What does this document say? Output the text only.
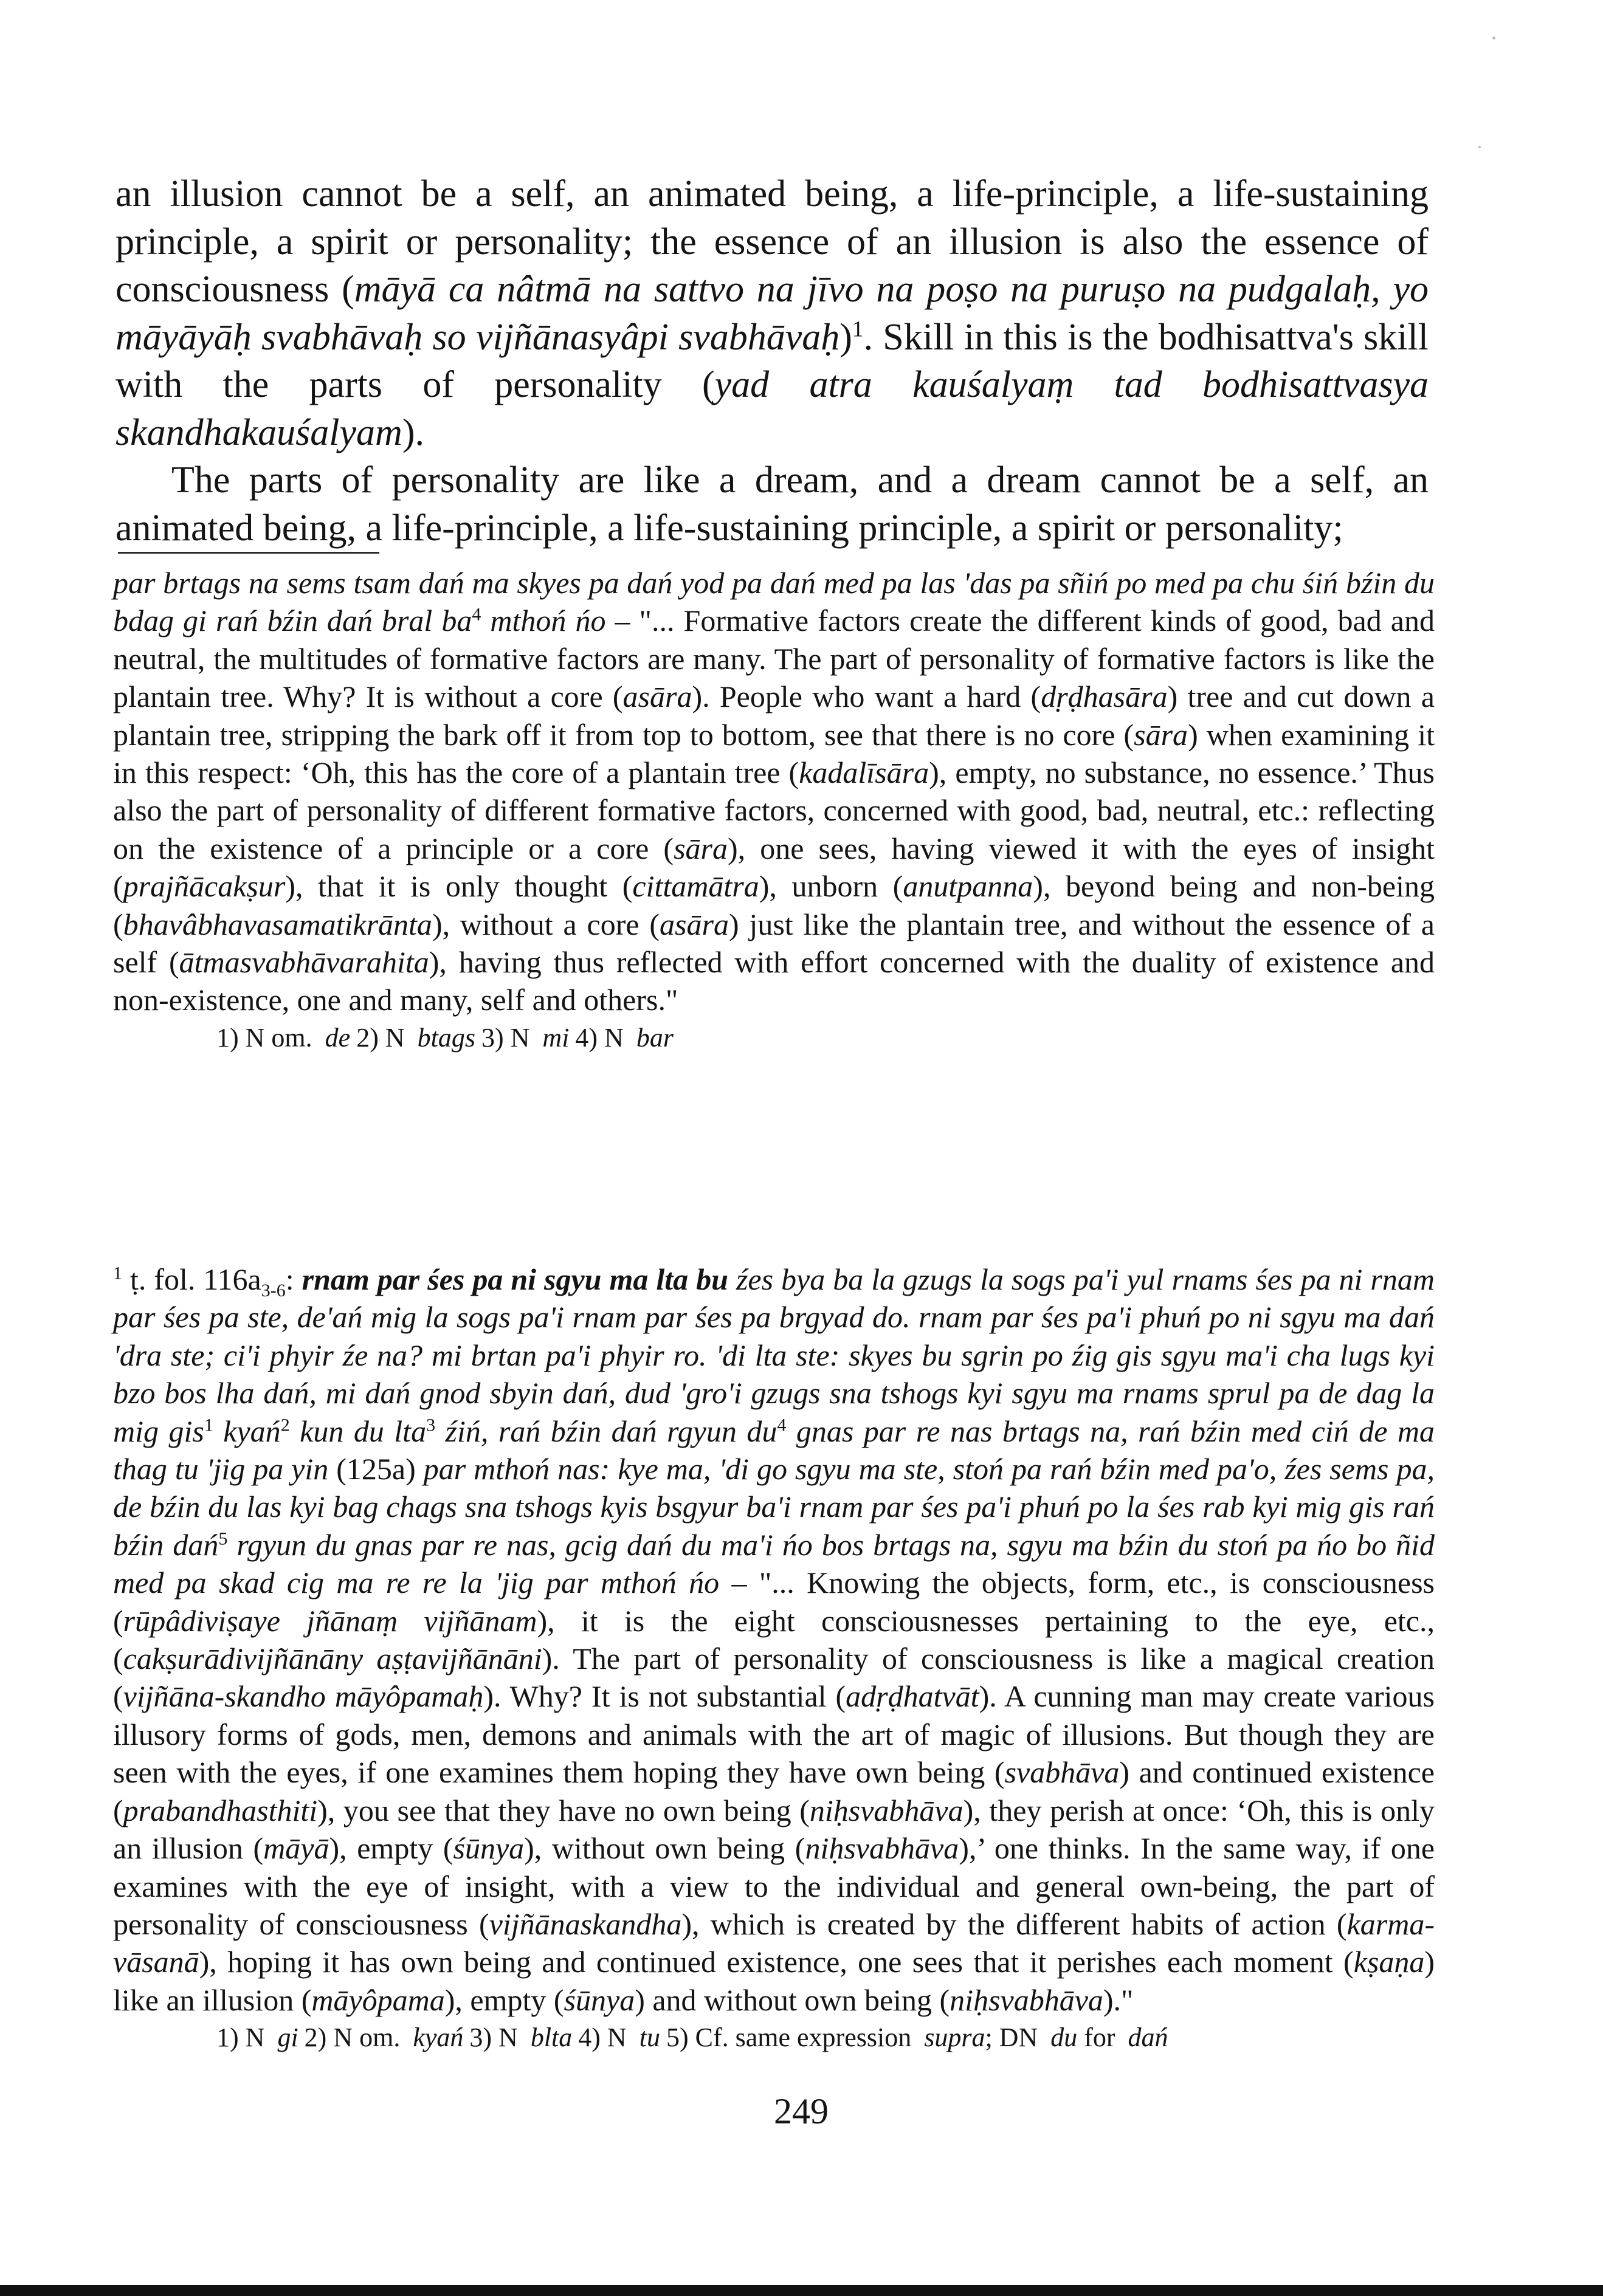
an illusion cannot be a self, an animated being, a life-principle, a life-sustaining principle, a spirit or personality; the essence of an illusion is also the essence of consciousness (māyā ca nâtmā na sattvo na jīvo na poṣo na puruṣo na pudgalaḥ, yo māyāyāḥ svabhāvaḥ so vijñānasyâpi svabhāvaḥ)$^1$. Skill in this is the bodhisattva's skill with the parts of personality (yad atra kauśalyaṃ tad bodhisattvasya skandhakauśalyam).

The parts of personality are like a dream, and a dream cannot be a self, an animated being, a life-principle, a life-sustaining principle, a spirit or personality;

par brtags na sems tsam dań ma skyes pa dań yod pa dań med pa las 'das pa sñiń po med pa chu śiń bźin du bdag gi rań bźin dań bral $ba^4$ mthoń ńo – "... Formative factors create the different kinds of good, bad and neutral, the multitudes of formative factors are many. The part of personality of formative factors is like the plantain tree. Why? It is without a core (asāra). People who want a hard (dṛḍhasāra) tree and cut down a plantain tree, stripping the bark off it from top to bottom, see that there is no core (sāra) when examining it in this respect: ‘Oh, this has the core of a plantain tree (kadalīsāra), empty, no substance, no essence.’ Thus also the part of personality of different formative factors, concerned with good, bad, neutral, etc.: reflecting on the existence of a principle or a core (sāra), one sees, having viewed it with the eyes of insight (prajñācakṣur), that it is only thought (cittamātra), unborn (anutpanna), beyond being and non-being (bhavâbhavasamatikrānta), without a core (asāra) just like the plantain tree, and without the essence of a self (ātmasvabhāvarahita), having thus reflected with effort concerned with the duality of existence and non-existence, one and many, self and others."

1) N om. de 2) N btags 3) N mi 4) N bar

$^1$ ṭ. fol. $116a_{3-6}$: rnam par śes pa ni sgyu ma lta bu źes bya ba la gzugs la sogs pa'i yul rnams śes pa ni rnam par śes pa ste, de'ań mig la sogs pa'i rnam par śes pa brgyad do. rnam par śes pa'i phuń po ni sgyu ma dań 'dra ste; ci'i phyir źe na? mi brtan pa'i phyir ro. 'di lta ste: skyes bu sgrin po źig gis sgyu ma'i cha lugs kyi bzo bos lha dań, mi dań gnod sbyin dań, dud 'gro'i gzugs sna tshogs kyi sgyu ma rnams sprul pa de dag la mig gis$^1$ kyań$^2$ kun du lta$^3$ źiń, rań bźin dań rgyun $du^4$ gnas par re nas brtags na, rań bźin med ciń de ma thag tu 'jig pa yin (125a) par mthoń nas: kye ma, 'di go sgyu ma ste, stoń pa rań bźin med pa'o, źes sems pa, de bźin du las kyi bag chags sna tshogs kyis bsgyur ba'i rnam par śes pa'i phuń po la śes rab kyi mig gis rań bźin dań$^5$ rgyun du gnas par re nas, gcig dań du ma'i ńo bos brtags na, sgyu ma bźin du stoń pa ńo bo ñid med pa skad cig ma re re la 'jig par mthoń ńo – "... Knowing the objects, form, etc., is consciousness (rūpâdiviṣaye jñānaṃ vijñānam), it is the eight consciousnesses pertaining to the eye, etc., (cakṣurādivijñānāny aṣṭavijñānāni). The part of personality of consciousness is like a magical creation (vijñāna-skandho māyôpamaḥ). Why? It is not substantial (adṛḍhatvāt). A cunning man may create various illusory forms of gods, men, demons and animals with the art of magic of illusions. But though they are seen with the eyes, if one examines them hoping they have own being (svabhāva) and continued existence (prabandhasthiti), you see that they have no own being (niḥsvabhāva), they perish at once: ‘Oh, this is only an illusion (māyā), empty (śūnya), without own being (niḥsvabhāva),’ one thinks. In the same way, if one examines with the eye of insight, with a view to the individual and general own-being, the part of personality of consciousness (vijñānaskandha), which is created by the different habits of action (karma-vāsanā), hoping it has own being and continued existence, one sees that it perishes each moment (kṣaṇa) like an illusion (māyôpama), empty (śūnya) and without own being (niḥsvabhāva)."

1) N gi 2) N om. kyań 3) N blta 4) N tu 5) Cf. same expression supra; DN du for dań

249
